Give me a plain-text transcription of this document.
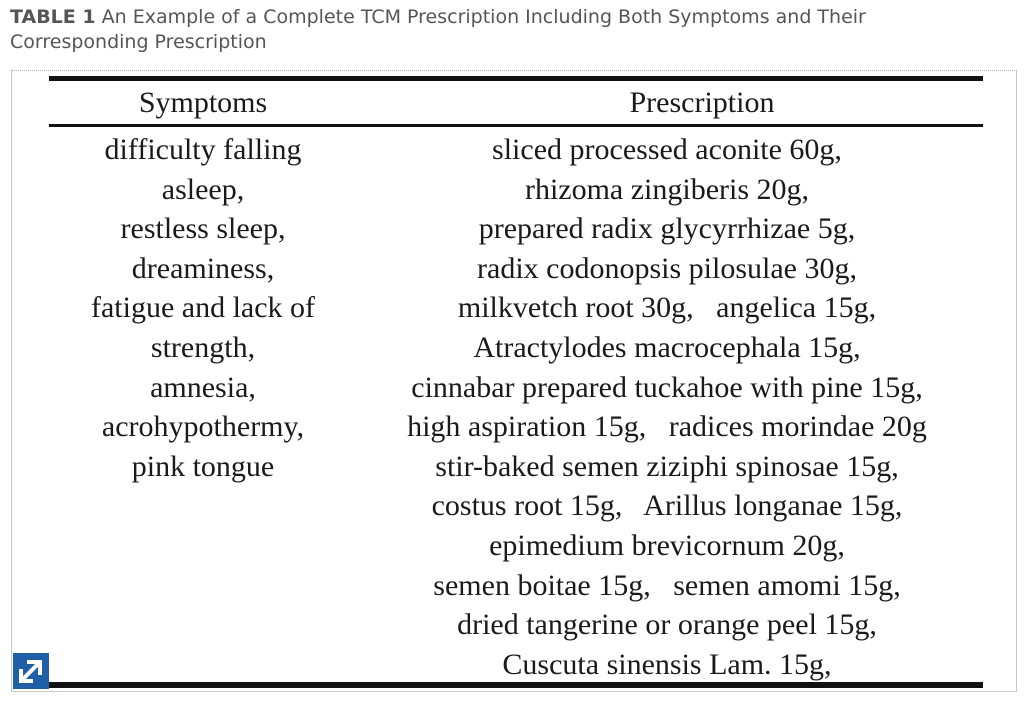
TABLE 1 An Example of a Complete TCM Prescription Including Both Symptoms and Their Corresponding Prescription
Symptoms	Prescription
difficulty falling
asleep,
restless sleep,
dreaminess,
fatigue and lack of
strength,
amnesia,
acrohypothermy,
pink tongue
sliced processed aconite 60g,
rhizoma zingiberis 20g,
prepared radix glycyrrhizae 5g,
radix codonopsis pilosulae 30g,
milkvetch root 30g,   angelica 15g,
Atractylodes macrocephala 15g,
cinnabar prepared tuckahoe with pine 15g,
high aspiration 15g,   radices morindae 20g
stir-baked semen ziziphi spinosae 15g,
costus root 15g,   Arillus longanae 15g,
epimedium brevicornum 20g,
semen boitae 15g,   semen amomi 15g,
dried tangerine or orange peel 15g,
Cuscuta sinensis Lam. 15g,
